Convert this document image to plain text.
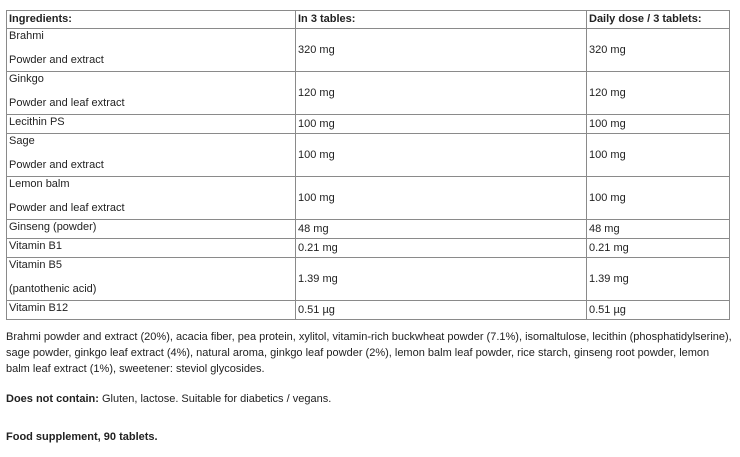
Ingredients:	In 3 tables:	Daily dose / 3 tablets:
Brahmi
Powder and extract	320 mg	320 mg
Ginkgo
Powder and leaf extract	120 mg	120 mg
Lecithin PS	100 mg	100 mg
Sage
Powder and extract	100 mg	100 mg
Lemon balm
Powder and leaf extract	100 mg	100 mg
Ginseng (powder)	48 mg	48 mg
Vitamin B1	0.21 mg	0.21 mg
Vitamin B5
(pantothenic acid)	1.39 mg	1.39 mg
Vitamin B12	0.51 µg	0.51 µg

Brahmi powder and extract (20%), acacia fiber, pea protein, xylitol, vitamin-rich buckwheat powder (7.1%), isomaltulose, lecithin (phosphatidylserine), sage powder, ginkgo leaf extract (4%), natural aroma, ginkgo leaf powder (2%), lemon balm leaf powder, rice starch, ginseng root powder, lemon balm leaf extract (1%), sweetener: steviol glycosides.

Does not contain: Gluten, lactose. Suitable for diabetics / vegans.

Food supplement, 90 tablets.
